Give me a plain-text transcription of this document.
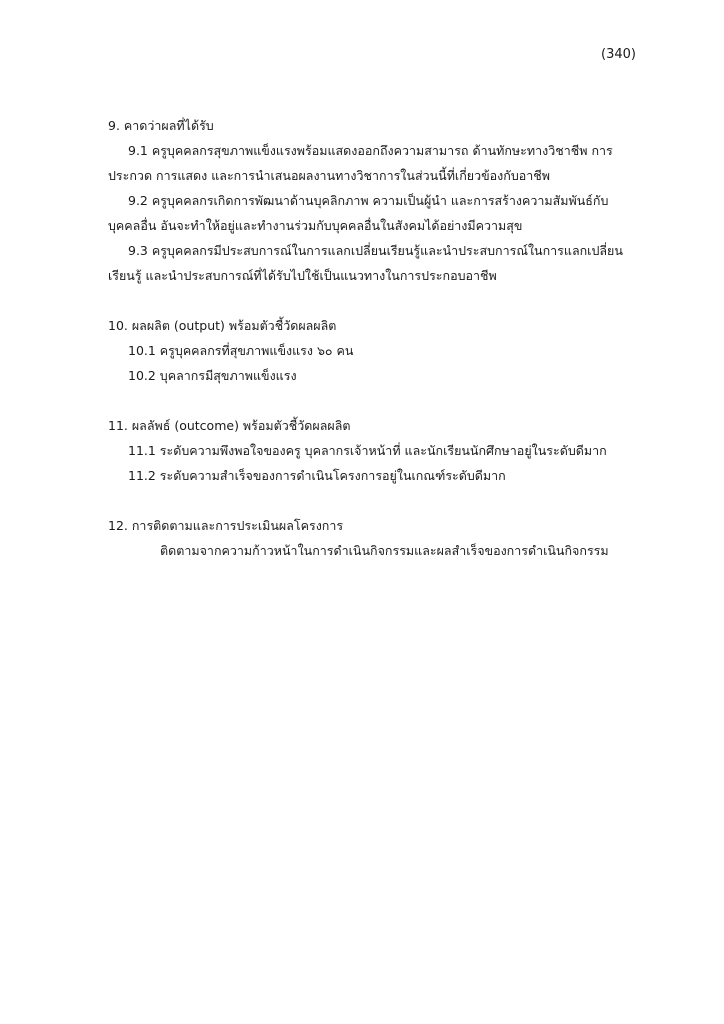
(340)
9. คาดว่าผลที่ได้รับ

9.1 ครูบุคคลกรสุขภาพแข็งแรงพร้อมแสดงออกถึงความสามารถ ด้านทักษะทางวิชาชีพ การประกวด การแสดง และการนำเสนอผลงานทางวิชาการในส่วนนี้ที่เกี่ยวข้องกับอาชีพ

9.2 ครูบุคคลกรเกิดการพัฒนาด้านบุคลิกภาพ ความเป็นผู้นำ และการสร้างความสัมพันธ์กับบุคคลอื่น อันจะทำให้อยู่และทำงานร่วมกับบุคคลอื่นในสังคมได้อย่างมีความสุข

9.3 ครูบุคคลกรมีประสบการณ์ในการแลกเปลี่ยนเรียนรู้และนำประสบการณ์ในการแลกเปลี่ยนเรียนรู้ และนำประสบการณ์ที่ได้รับไปใช้เป็นแนวทางในการประกอบอาชีพ

10. ผลผลิต (output) พร้อมตัวชี้วัดผลผลิต

10.1 ครูบุคคลกรที่สุขภาพแข็งแรง ๖๐ คน

10.2 บุคลากรมีสุขภาพแข็งแรง

11. ผลลัพธ์ (outcome) พร้อมตัวชี้วัดผลผลิต

11.1 ระดับความพึงพอใจของครู บุคลากรเจ้าหน้าที่ และนักเรียนนักศึกษาอยู่ในระดับดีมาก

11.2 ระดับความสำเร็จของการดำเนินโครงการอยู่ในเกณฑ์ระดับดีมาก

12. การติดตามและการประเมินผลโครงการ

ติดตามจากความก้าวหน้าในการดำเนินกิจกรรมและผลสำเร็จของการดำเนินกิจกรรม
